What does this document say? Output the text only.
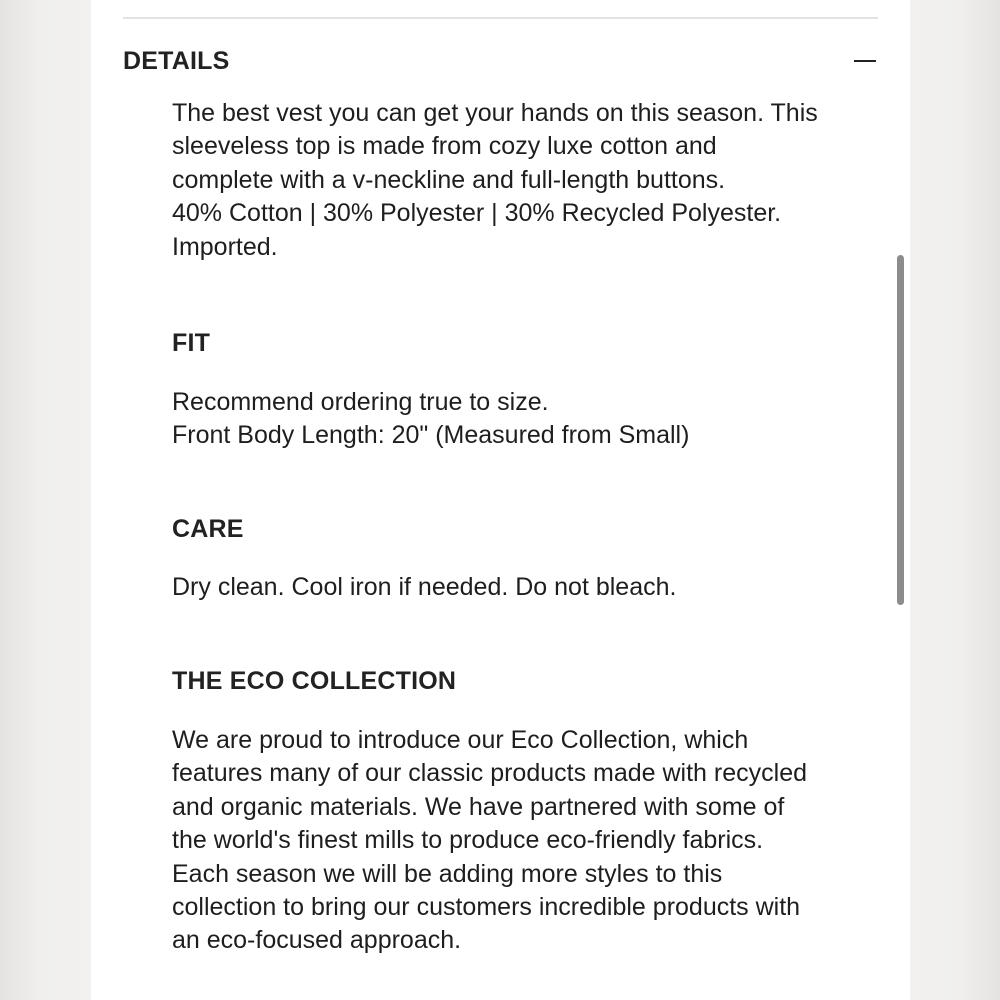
DETAILS

The best vest you can get your hands on this season. This
sleeveless top is made from cozy luxe cotton and
complete with a v-neckline and full-length buttons.
40% Cotton | 30% Polyester | 30% Recycled Polyester.
Imported.

FIT

Recommend ordering true to size.
Front Body Length: 20" (Measured from Small)

CARE

Dry clean. Cool iron if needed. Do not bleach.

THE ECO COLLECTION

We are proud to introduce our Eco Collection, which
features many of our classic products made with recycled
and organic materials. We have partnered with some of
the world's finest mills to produce eco-friendly fabrics.
Each season we will be adding more styles to this
collection to bring our customers incredible products with
an eco-focused approach.
